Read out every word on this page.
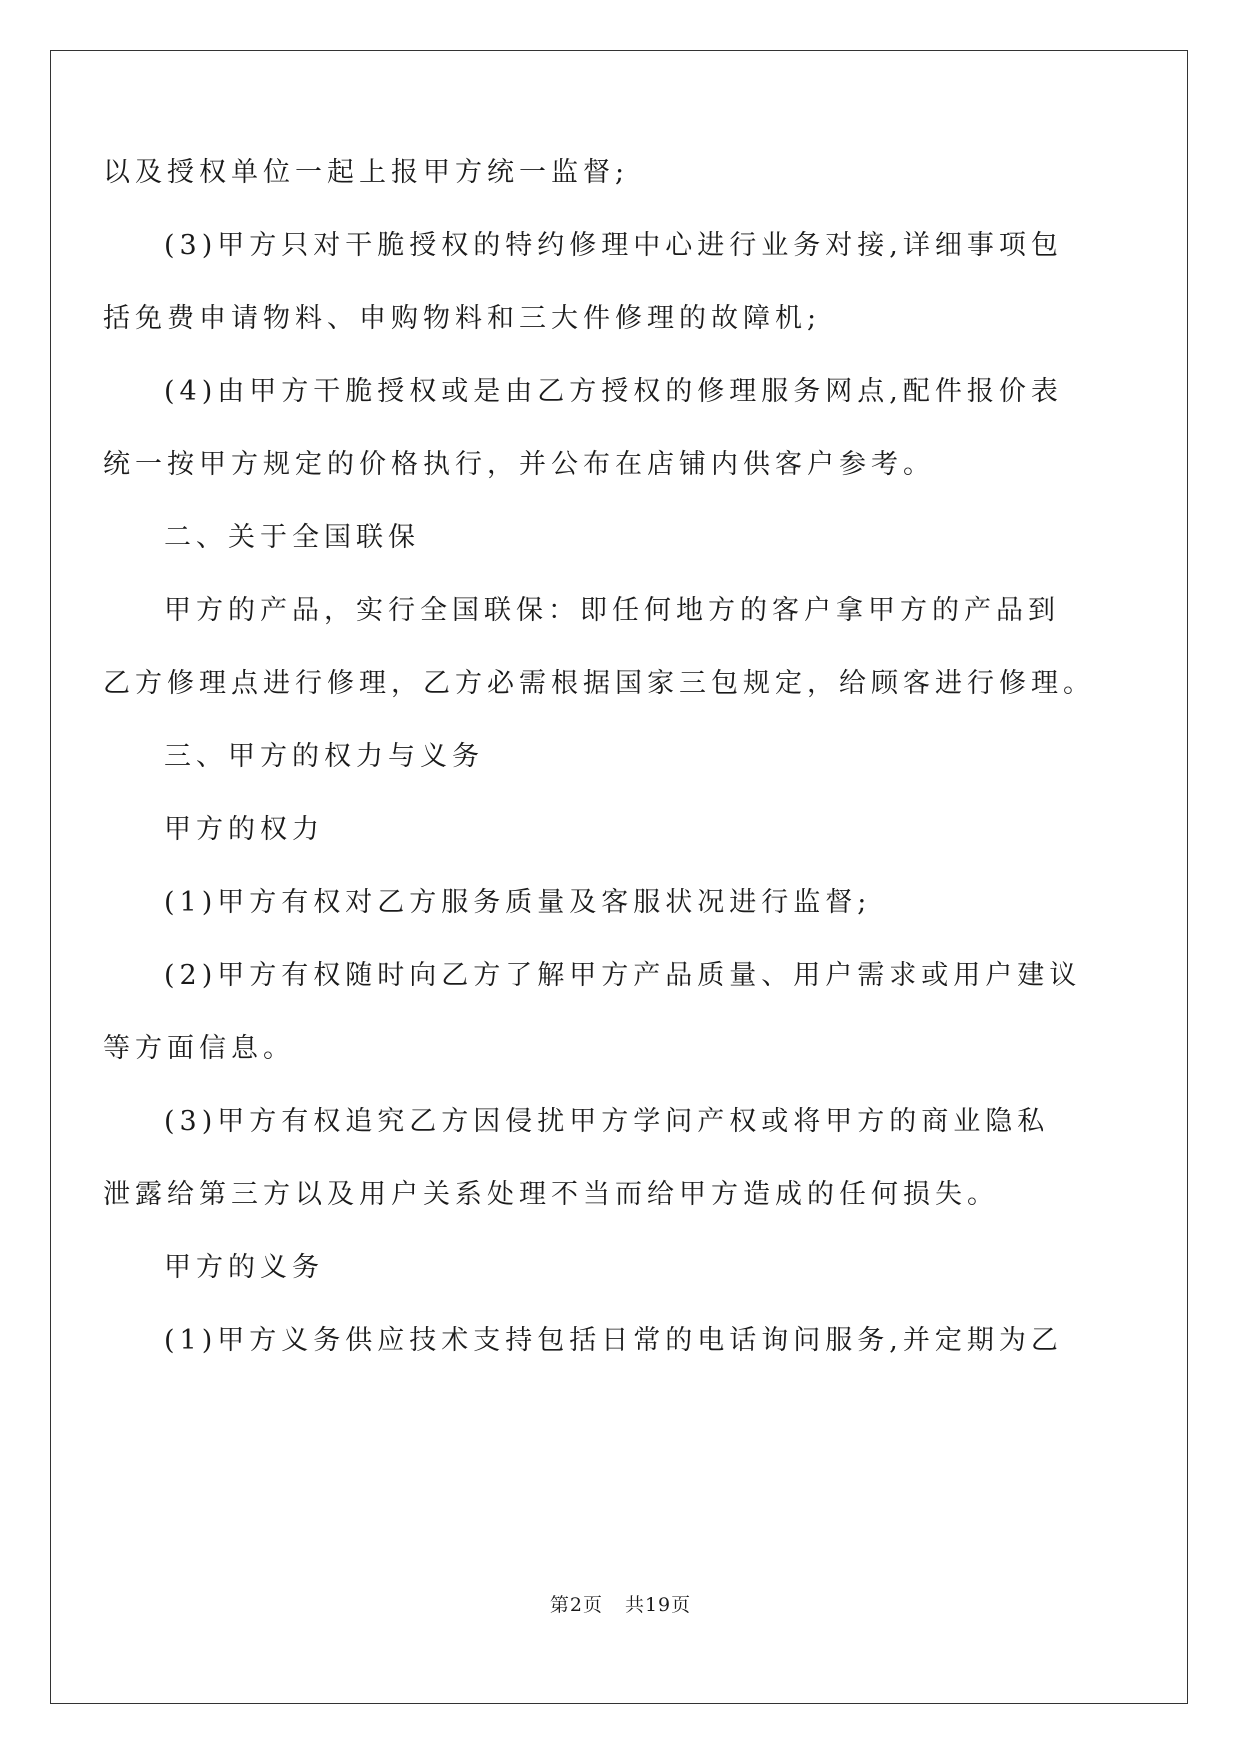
以及授权单位一起上报甲方统一监督;
(3)甲方只对干脆授权的特约修理中心进行业务对接,详细事项包
括免费申请物料、申购物料和三大件修理的故障机;
(4)由甲方干脆授权或是由乙方授权的修理服务网点,配件报价表
统一按甲方规定的价格执行，并公布在店铺内供客户参考。
二、关于全国联保
甲方的产品，实行全国联保：即任何地方的客户拿甲方的产品到
乙方修理点进行修理，乙方必需根据国家三包规定，给顾客进行修理。
三、甲方的权力与义务
甲方的权力
(1)甲方有权对乙方服务质量及客服状况进行监督;
(2)甲方有权随时向乙方了解甲方产品质量、用户需求或用户建议
等方面信息。
(3)甲方有权追究乙方因侵扰甲方学问产权或将甲方的商业隐私
泄露给第三方以及用户关系处理不当而给甲方造成的任何损失。
甲方的义务
(1)甲方义务供应技术支持包括日常的电话询问服务,并定期为乙
第2页 共19页
